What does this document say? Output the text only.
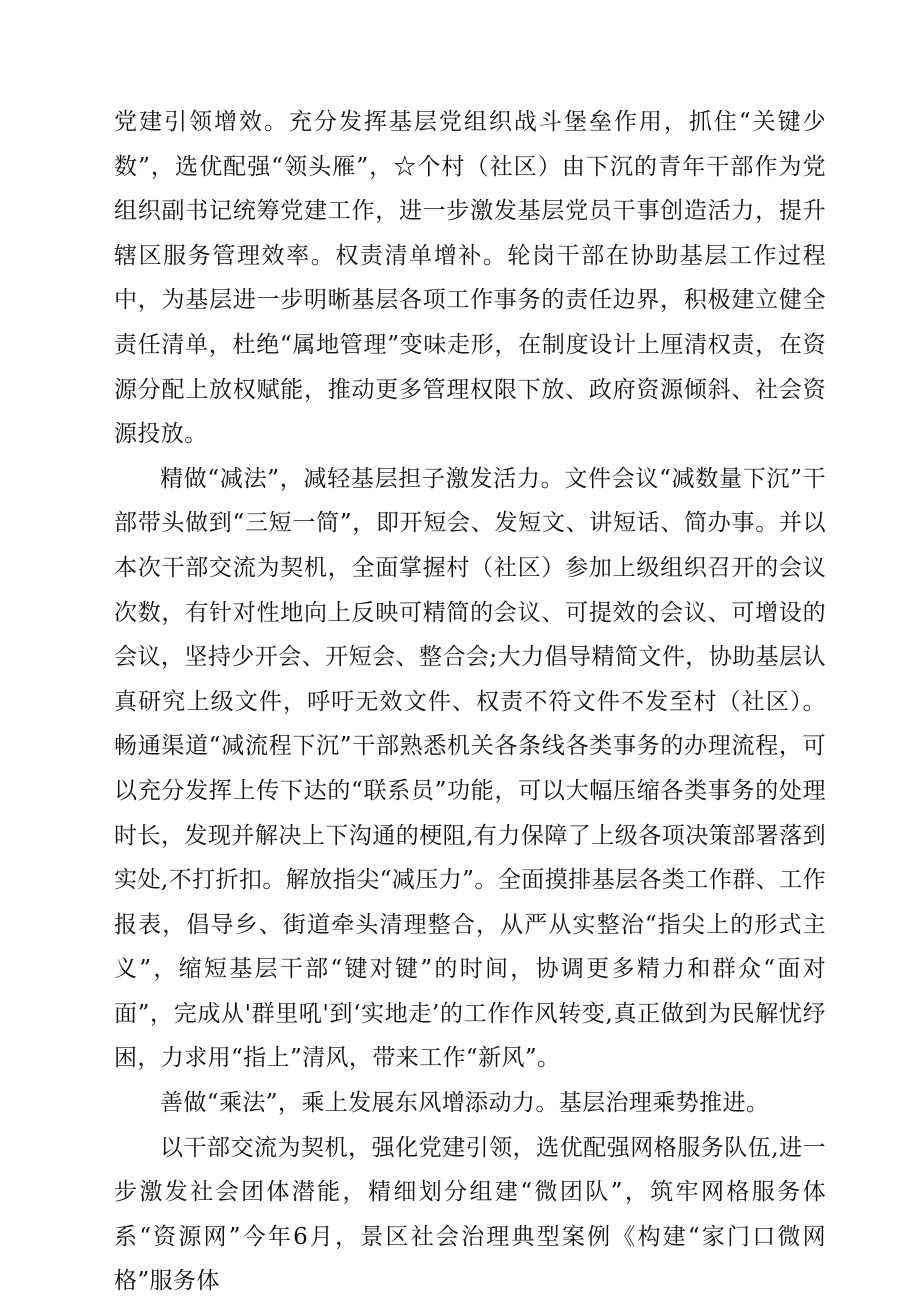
党建引领增效。充分发挥基层党组织战斗堡垒作用，抓住“关键少数”，选优配强“领头雁”，☆个村（社区）由下沉的青年干部作为党组织副书记统筹党建工作，进一步激发基层党员干事创造活力，提升辖区服务管理效率。权责清单增补。轮岗干部在协助基层工作过程中，为基层进一步明晰基层各项工作事务的责任边界，积极建立健全责任清单，杜绝“属地管理”变味走形，在制度设计上厘清权责，在资源分配上放权赋能，推动更多管理权限下放、政府资源倾斜、社会资源投放。

精做“减法”，减轻基层担子激发活力。文件会议“减数量下沉”干部带头做到“三短一简”，即开短会、发短文、讲短话、简办事。并以本次干部交流为契机，全面掌握村（社区）参加上级组织召开的会议次数，有针对性地向上反映可精简的会议、可提效的会议、可增设的会议，坚持少开会、开短会、整合会;大力倡导精简文件，协助基层认真研究上级文件，呼吁无效文件、权责不符文件不发至村（社区）。畅通渠道“减流程下沉”干部熟悉机关各条线各类事务的办理流程，可以充分发挥上传下达的“联系员”功能，可以大幅压缩各类事务的处理时长，发现并解决上下沟通的梗阻,有力保障了上级各项决策部署落到实处,不打折扣。解放指尖“减压力”。全面摸排基层各类工作群、工作报表，倡导乡、街道牵头清理整合，从严从实整治“指尖上的形式主义”，缩短基层干部“键对键”的时间，协调更多精力和群众“面对面”，完成从'群里吼'到‘实地走’的工作作风转变,真正做到为民解忧纾困，力求用“指上”清风，带来工作“新风”。

善做“乘法”，乘上发展东风增添动力。基层治理乘势推进。

以干部交流为契机，强化党建引领，选优配强网格服务队伍,进一步激发社会团体潜能，精细划分组建“微团队”，筑牢网格服务体系“资源网”今年6月，景区社会治理典型案例《构建“家门口微网格”服务体
